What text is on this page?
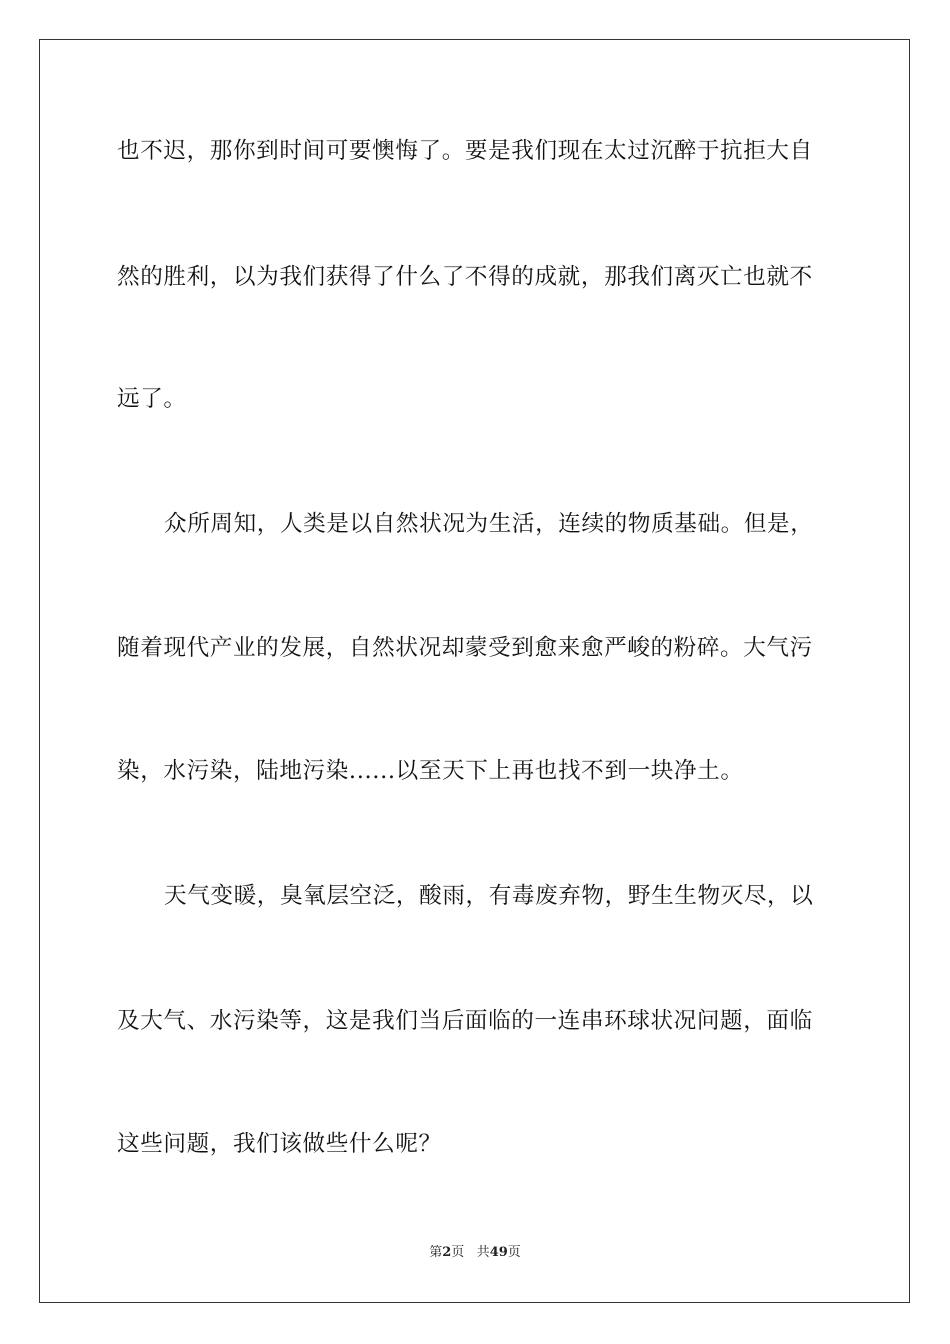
也不迟，那你到时间可要懊悔了。要是我们现在太过沉醉于抗拒大自
然的胜利，以为我们获得了什么了不得的成就，那我们离灭亡也就不
远了。
众所周知，人类是以自然状况为生活，连续的物质基础。但是，
随着现代产业的发展，自然状况却蒙受到愈来愈严峻的粉碎。大气污
染，水污染，陆地污染......以至天下上再也找不到一块净土。
天气变暖，臭氧层空泛，酸雨，有毒废弃物，野生生物灭尽，以
及大气、水污染等，这是我们当后面临的一连串环球状况问题，面临
这些问题，我们该做些什么呢？
第2页 共49页
